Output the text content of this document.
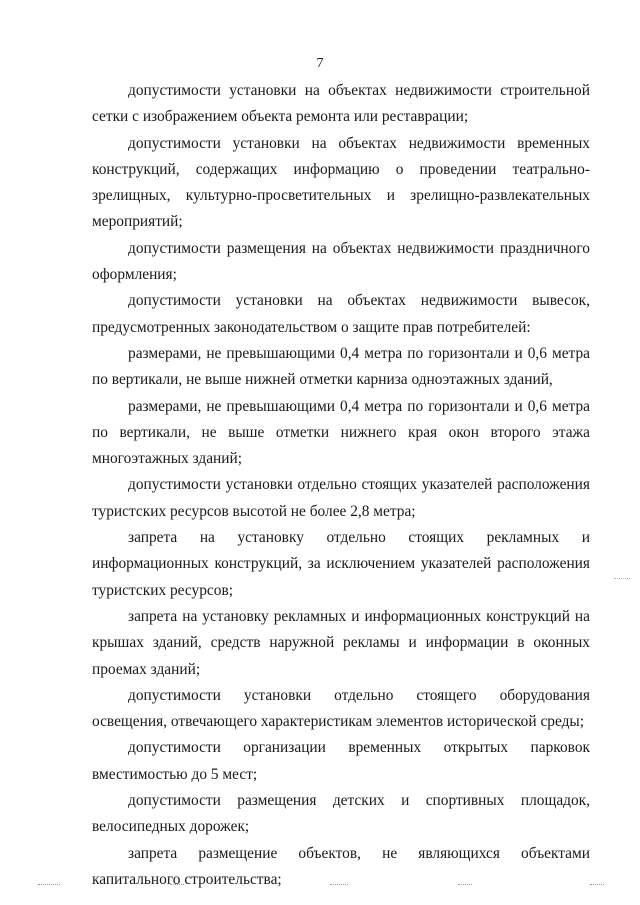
7

допустимости установки на объектах недвижимости строительной сетки с изображением объекта ремонта или реставрации;

допустимости установки на объектах недвижимости временных конструкций, содержащих информацию о проведении театрально-зрелищных, культурно-просветительных и зрелищно-развлекательных мероприятий;

допустимости размещения на объектах недвижимости праздничного оформления;

допустимости установки на объектах недвижимости вывесок, предусмотренных законодательством о защите прав потребителей:

размерами, не превышающими 0,4 метра по горизонтали и 0,6 метра по вертикали, не выше нижней отметки карниза одноэтажных зданий,

размерами, не превышающими 0,4 метра по горизонтали и 0,6 метра по вертикали, не выше отметки нижнего края окон второго этажа многоэтажных зданий;

допустимости установки отдельно стоящих указателей расположения туристских ресурсов высотой не более 2,8 метра;

запрета на установку отдельно стоящих рекламных и информационных конструкций, за исключением указателей расположения туристских ресурсов;

запрета на установку рекламных и информационных конструкций на крышах зданий, средств наружной рекламы и информации в оконных проемах зданий;

допустимости установки отдельно стоящего оборудования освещения, отвечающего характеристикам элементов исторической среды;

допустимости организации временных открытых парковок вместимостью до 5 мест;

допустимости размещения детских и спортивных площадок, велосипедных дорожек;

запрета размещение объектов, не являющихся объектами капитального строительства;
